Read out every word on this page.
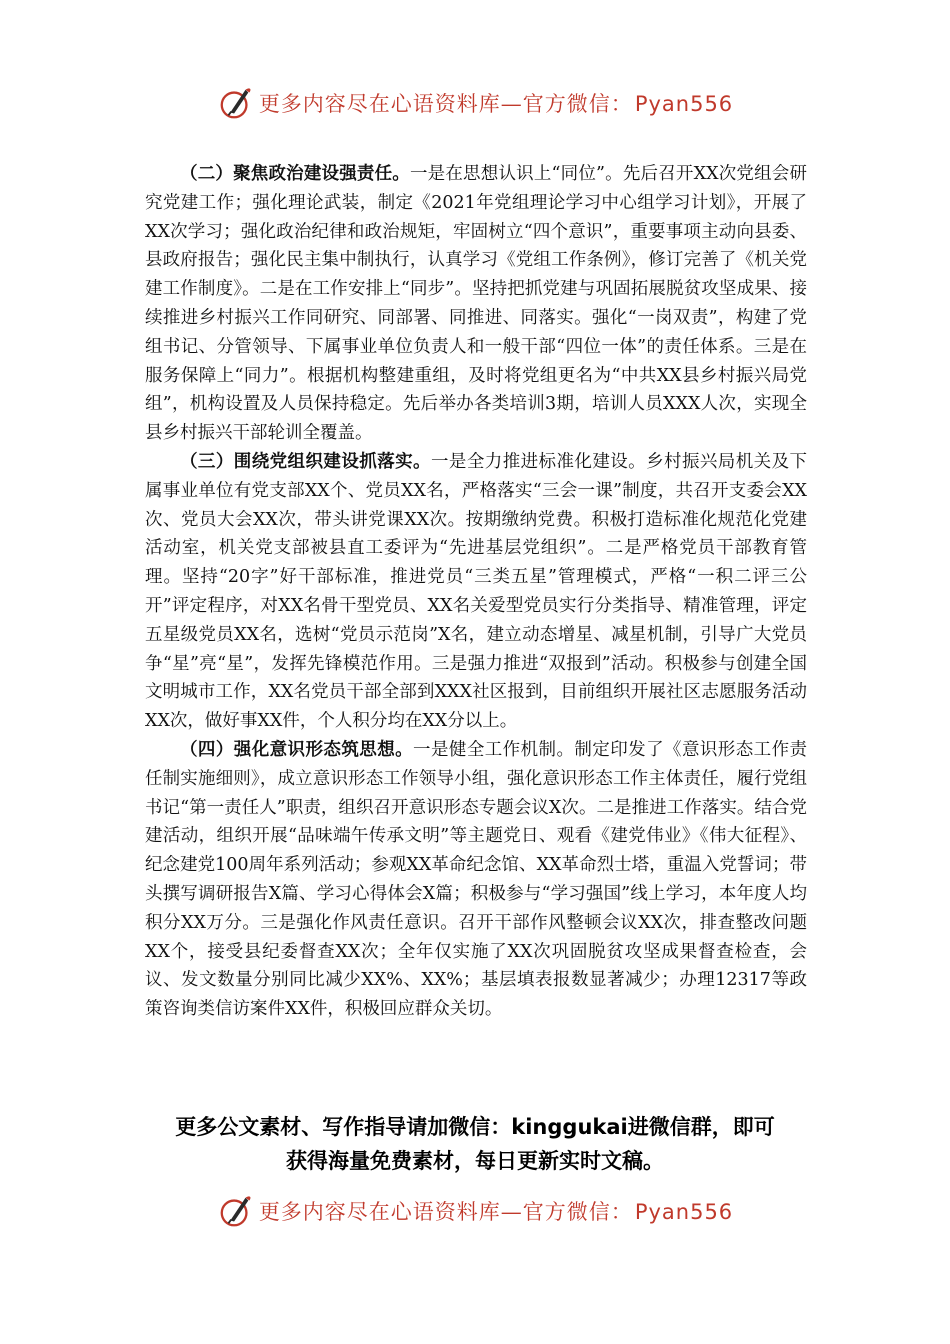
更多内容尽在心语资料库—官方微信：Pyan556

（二）聚焦政治建设强责任。一是在思想认识上“同位”。先后召开XX次党组会研究党建工作；强化理论武装，制定《2021年党组理论学习中心组学习计划》，开展了XX次学习；强化政治纪律和政治规矩，牢固树立“四个意识”，重要事项主动向县委、县政府报告；强化民主集中制执行，认真学习《党组工作条例》，修订完善了《机关党建工作制度》。二是在工作安排上“同步”。坚持把抓党建与巩固拓展脱贫攻坚成果、接续推进乡村振兴工作同研究、同部署、同推进、同落实。强化“一岗双责”，构建了党组书记、分管领导、下属事业单位负责人和一般干部“四位一体”的责任体系。三是在服务保障上“同力”。根据机构整建重组，及时将党组更名为“中共XX县乡村振兴局党组”，机构设置及人员保持稳定。先后举办各类培训3期，培训人员XXX人次，实现全县乡村振兴干部轮训全覆盖。

（三）围绕党组织建设抓落实。一是全力推进标准化建设。乡村振兴局机关及下属事业单位有党支部XX个、党员XX名，严格落实“三会一课”制度，共召开支委会XX次、党员大会XX次，带头讲党课XX次。按期缴纳党费。积极打造标准化规范化党建活动室，机关党支部被县直工委评为“先进基层党组织”。二是严格党员干部教育管理。坚持“20字”好干部标准，推进党员“三类五星”管理模式，严格“一积二评三公开”评定程序，对XX名骨干型党员、XX名关爱型党员实行分类指导、精准管理，评定五星级党员XX名，选树“党员示范岗”X名，建立动态增星、减星机制，引导广大党员争“星”亮“星”，发挥先锋模范作用。三是强力推进“双报到”活动。积极参与创建全国文明城市工作，XX名党员干部全部到XXX社区报到，目前组织开展社区志愿服务活动XX次，做好事XX件，个人积分均在XX分以上。

（四）强化意识形态筑思想。一是健全工作机制。制定印发了《意识形态工作责任制实施细则》，成立意识形态工作领导小组，强化意识形态工作主体责任，履行党组书记“第一责任人”职责，组织召开意识形态专题会议X次。二是推进工作落实。结合党建活动，组织开展“品味端午传承文明”等主题党日、观看《建党伟业》《伟大征程》、纪念建党100周年系列活动；参观XX革命纪念馆、XX革命烈士塔，重温入党誓词；带头撰写调研报告X篇、学习心得体会X篇；积极参与“学习强国”线上学习，本年度人均积分XX万分。三是强化作风责任意识。召开干部作风整顿会议XX次，排查整改问题XX个，接受县纪委督查XX次；全年仅实施了XX次巩固脱贫攻坚成果督查检查，会议、发文数量分别同比减少XX%、XX%；基层填表报数显著减少；办理12317等政策咨询类信访案件XX件，积极回应群众关切。

更多公文素材、写作指导请加微信：kinggukai进微信群，即可
获得海量免费素材，每日更新实时文稿。
更多内容尽在心语资料库—官方微信：Pyan556
